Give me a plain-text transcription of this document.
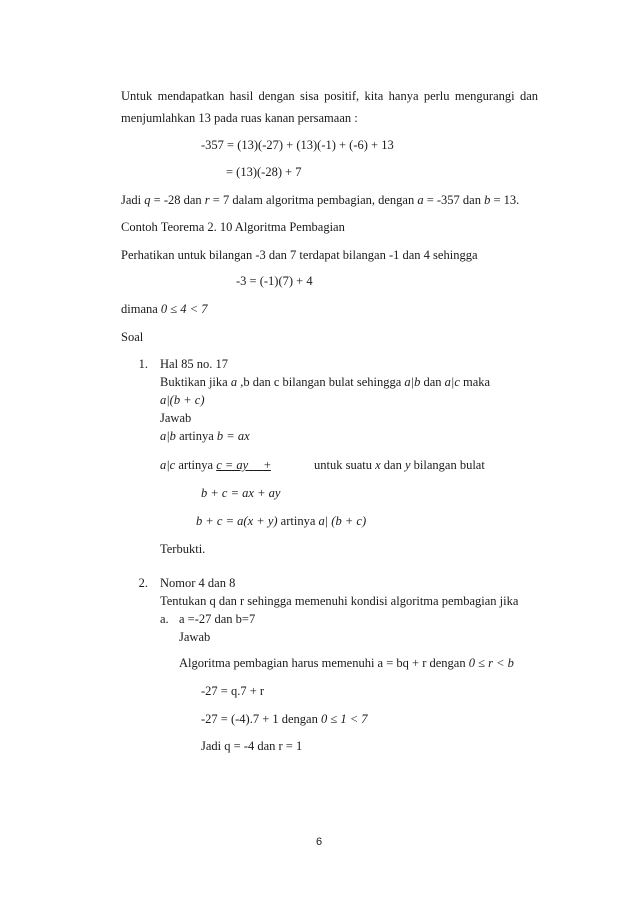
Untuk mendapatkan hasil dengan sisa positif, kita hanya perlu mengurangi dan
menjumlahkan 13 pada ruas kanan persamaan :
-357 = (13)(-27) + (13)(-1) + (-6) + 13
= (13)(-28) + 7
Jadi q = -28 dan r = 7 dalam algoritma pembagian, dengan a = -357 dan b = 13.
Contoh Teorema 2. 10 Algoritma Pembagian
Perhatikan untuk bilangan -3 dan 7 terdapat bilangan -1 dan 4 sehingga
-3 = (-1)(7) + 4
dimana 0 ≤ 4 < 7
Soal
1. Hal 85 no. 17
Buktikan jika a ,b dan c bilangan bulat sehingga a|b dan a|c maka
a|(b + c)
Jawab
a|b artinya b = ax
a|c artinya c = ay +	untuk suatu x dan y bilangan bulat
b + c = ax + ay
b + c = a(x + y) artinya a| (b + c)
Terbukti.
2. Nomor 4 dan 8
Tentukan q dan r sehingga memenuhi kondisi algoritma pembagian jika
a. a =-27 dan b=7
Jawab
Algoritma pembagian harus memenuhi a = bq + r dengan 0 ≤ r < b
-27 = q.7 + r
-27 = (-4).7 + 1 dengan 0 ≤ 1 < 7
Jadi q = -4 dan r = 1
6
